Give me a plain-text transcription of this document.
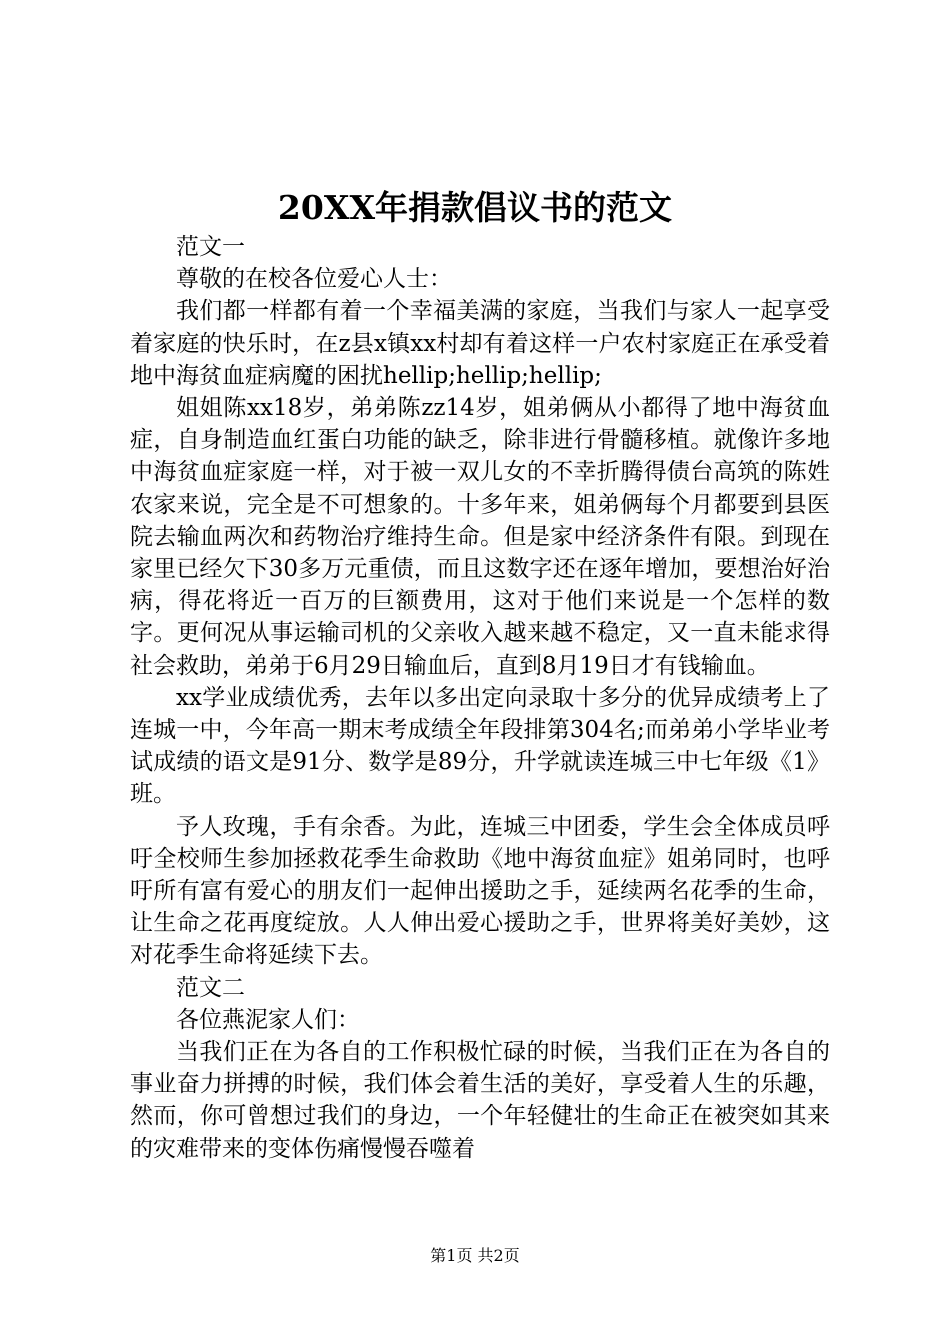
20XX年捐款倡议书的范文

范文一

尊敬的在校各位爱心人士：

我们都一样都有着一个幸福美满的家庭，当我们与家人一起享受着家庭的快乐时，在z县x镇xx村却有着这样一户农村家庭正在承受着地中海贫血症病魔的困扰hellip;hellip;hellip;

姐姐陈xx18岁，弟弟陈zz14岁，姐弟俩从小都得了地中海贫血症，自身制造血红蛋白功能的缺乏，除非进行骨髓移植。就像许多地中海贫血症家庭一样，对于被一双儿女的不幸折腾得债台高筑的陈姓农家来说，完全是不可想象的。十多年来，姐弟俩每个月都要到县医院去输血两次和药物治疗维持生命。但是家中经济条件有限。到现在家里已经欠下30多万元重债，而且这数字还在逐年增加，要想治好治病，得花将近一百万的巨额费用，这对于他们来说是一个怎样的数字。更何况从事运输司机的父亲收入越来越不稳定，又一直未能求得社会救助，弟弟于6月29日输血后，直到8月19日才有钱输血。

xx学业成绩优秀，去年以多出定向录取十多分的优异成绩考上了连城一中，今年高一期末考成绩全年段排第304名;而弟弟小学毕业考试成绩的语文是91分、数学是89分，升学就读连城三中七年级《1》班。

予人玫瑰，手有余香。为此，连城三中团委，学生会全体成员呼吁全校师生参加拯救花季生命救助《地中海贫血症》姐弟同时，也呼吁所有富有爱心的朋友们一起伸出援助之手，延续两名花季的生命，让生命之花再度绽放。人人伸出爱心援助之手，世界将美好美妙，这对花季生命将延续下去。

范文二

各位燕泥家人们：

当我们正在为各自的工作积极忙碌的时候，当我们正在为各自的事业奋力拼搏的时候，我们体会着生活的美好，享受着人生的乐趣，然而，你可曾想过我们的身边，一个年轻健壮的生命正在被突如其来的灾难带来的变体伤痛慢慢吞噬着

第1页 共2页
